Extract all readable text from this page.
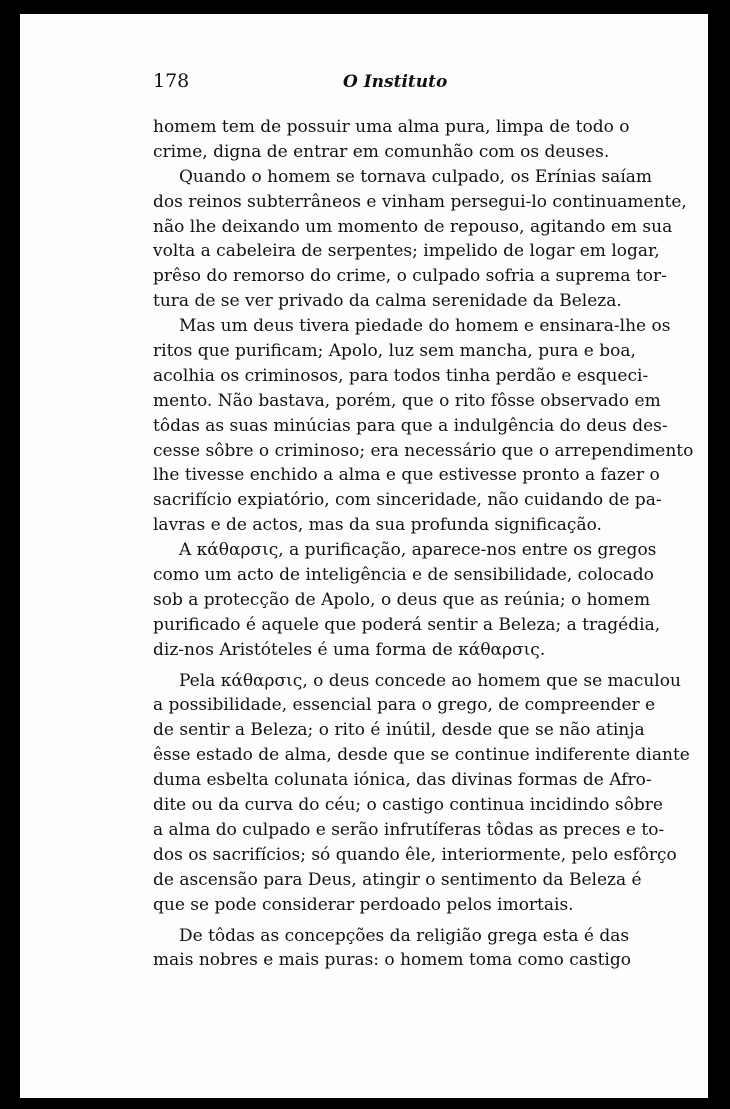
178	O Instituto
homem tem de possuir uma alma pura, limpa de todo o
crime, digna de entrar em comunhão com os deuses.
Quando o homem se tornava culpado, os Erínias saíam
dos reinos subterrâneos e vinham persegui-lo continuamente,
não lhe deixando um momento de repouso, agitando em sua
volta a cabeleira de serpentes; impelido de logar em logar,
prêso do remorso do crime, o culpado sofria a suprema tor-
tura de se ver privado da calma serenidade da Beleza.
Mas um deus tivera piedade do homem e ensinara-lhe os
ritos que purificam; Apolo, luz sem mancha, pura e boa,
acolhia os criminosos, para todos tinha perdão e esqueci-
mento. Não bastava, porém, que o rito fôsse observado em
tôdas as suas minúcias para que a indulgência do deus des-
cesse sôbre o criminoso; era necessário que o arrependimento
lhe tivesse enchido a alma e que estivesse pronto a fazer o
sacrifício expiatório, com sinceridade, não cuidando de pa-
lavras e de actos, mas da sua profunda significação.
A κάθαρσις, a purificação, aparece-nos entre os gregos
como um acto de inteligência e de sensibilidade, colocado
sob a protecção de Apolo, o deus que as reúnia; o homem
purificado é aquele que poderá sentir a Beleza; a tragédia,
diz-nos Aristóteles é uma forma de κάθαρσις.
Pela κάθαρσις, o deus concede ao homem que se maculou
a possibilidade, essencial para o grego, de compreender e
de sentir a Beleza; o rito é inútil, desde que se não atinja
êsse estado de alma, desde que se continue indiferente diante
duma esbelta colunata iónica, das divinas formas de Afro-
dite ou da curva do céu; o castigo continua incidindo sôbre
a alma do culpado e serão infrutíferas tôdas as preces e to-
dos os sacrifícios; só quando êle, interiormente, pelo esfôrço
de ascensão para Deus, atingir o sentimento da Beleza é
que se pode considerar perdoado pelos imortais.
De tôdas as concepções da religião grega esta é das
mais nobres e mais puras: o homem toma como castigo
